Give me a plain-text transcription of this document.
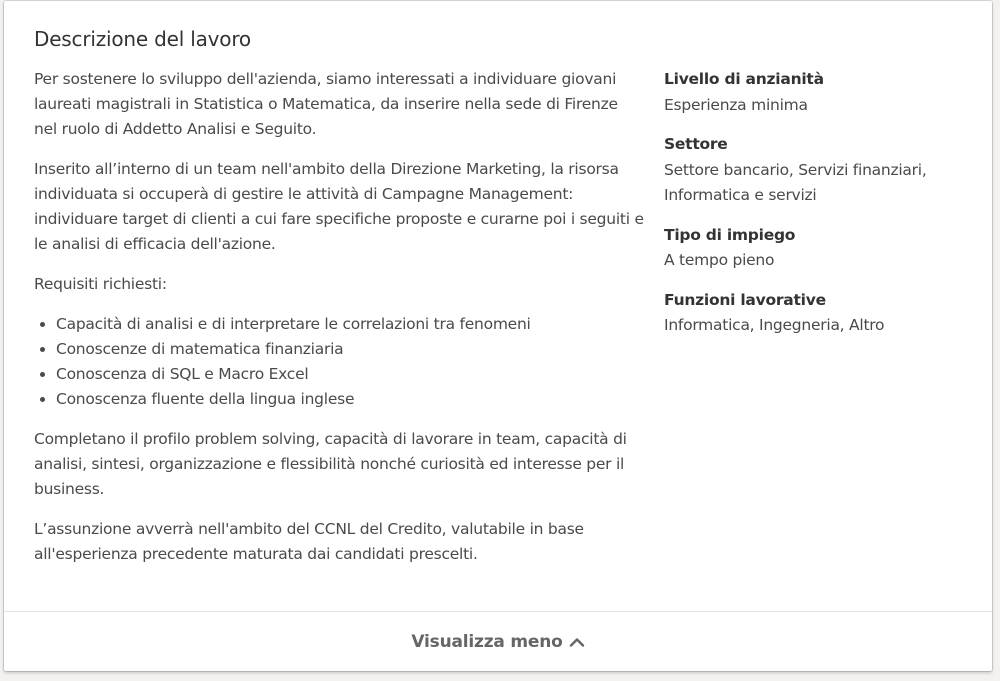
Descrizione del lavoro

Per sostenere lo sviluppo dell'azienda, siamo interessati a individuare giovani laureati magistrali in Statistica o Matematica, da inserire nella sede di Firenze nel ruolo di Addetto Analisi e Seguito.

Inserito all’interno di un team nell'ambito della Direzione Marketing, la risorsa individuata si occuperà di gestire le attività di Campagne Management: individuare target di clienti a cui fare specifiche proposte e curarne poi i seguiti e le analisi di efficacia dell'azione.

Requisiti richiesti:

• Capacità di analisi e di interpretare le correlazioni tra fenomeni
• Conoscenze di matematica finanziaria
• Conoscenza di SQL e Macro Excel
• Conoscenza fluente della lingua inglese

Completano il profilo problem solving, capacità di lavorare in team, capacità di analisi, sintesi, organizzazione e flessibilità nonché curiosità ed interesse per il business.

L’assunzione avverrà nell'ambito del CCNL del Credito, valutabile in base all'esperienza precedente maturata dai candidati prescelti.

Livello di anzianità
Esperienza minima
Settore
Settore bancario, Servizi finanziari, Informatica e servizi
Tipo di impiego
A tempo pieno
Funzioni lavorative
Informatica, Ingegneria, Altro
Visualizza meno
